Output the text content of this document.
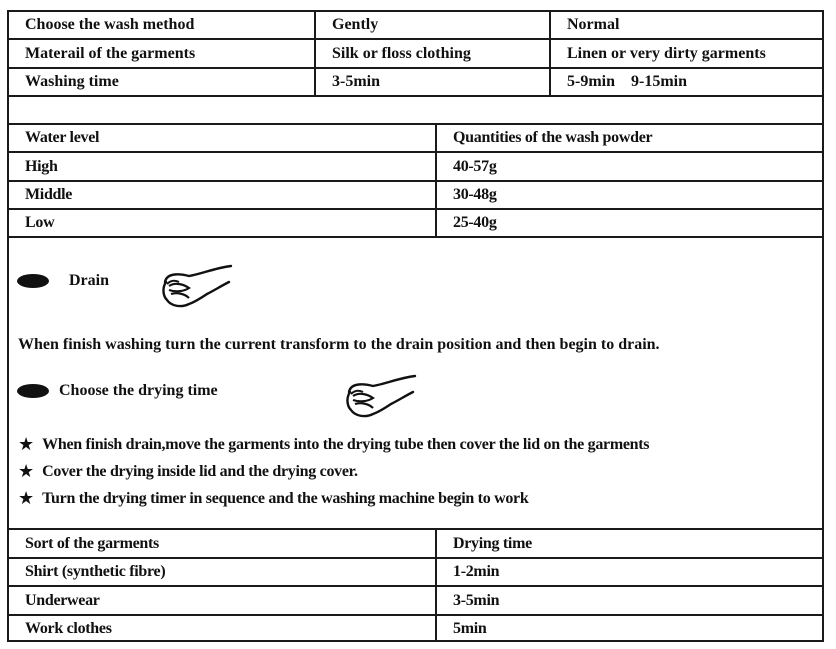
Choose the wash method	Gently	Normal
Materail of the garments	Silk or floss clothing	Linen or very dirty garments
Washing time	3-5min	5-9min    9-15min
Water level	Quantities of the wash powder
High	40-57g
Middle	30-48g
Low	25-40g
Drain
When finish washing turn the current transform to the drain position and then begin to drain.
Choose the drying time
★ When finish drain,move the garments into the drying tube then cover the lid on the garments
★ Cover the drying inside lid and the drying cover.
★ Turn the drying timer in sequence and the washing machine begin to work
Sort of the garments	Drying time
Shirt (synthetic fibre)	1-2min
Underwear	3-5min
Work clothes	5min
